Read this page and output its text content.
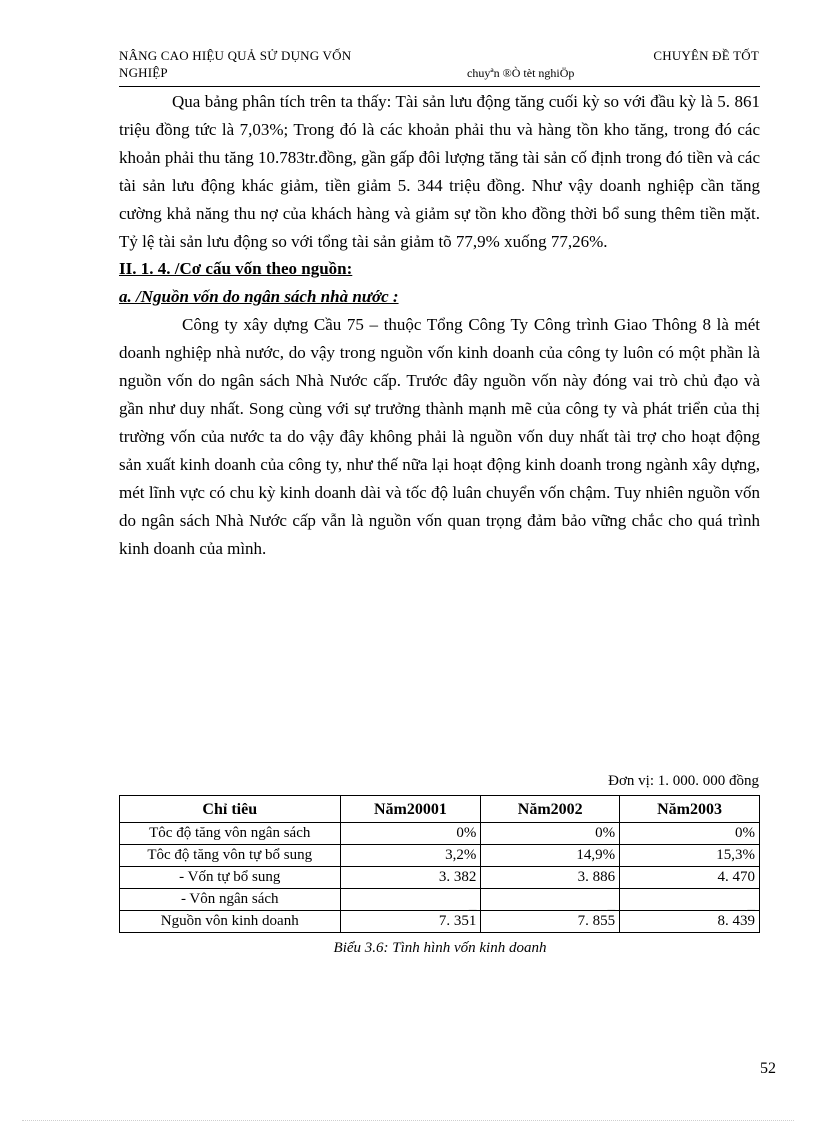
NÂNG CAO HIỆU QUẢ SỬ DỤNG VỐN
NGHIỆP
CHUYÊN ĐỀ TỐT
chuyªn ®Ò tèt nghiÖp

Qua bảng phân tích trên ta thấy: Tài sản lưu động tăng cuối kỳ so với đầu kỳ là 5. 861 triệu đồng tức là 7,03%; Trong đó là các khoản phải thu và hàng tồn kho tăng, trong đó các khoản phải thu tăng 10.783tr.đồng, gần gấp đôi lượng tăng tài sản cố định trong đó tiền và các tài sản lưu động khác giảm, tiền giảm 5. 344 triệu đồng. Như vậy doanh nghiệp cần tăng cường khả năng thu nợ của khách hàng và giảm sự tồn kho đồng thời bổ sung thêm tiền mặt. Tỷ lệ tài sản lưu động so với tổng tài sản giảm tõ 77,9% xuống 77,26%.

II. 1. 4. /Cơ cấu vốn theo nguồn:

a. /Nguồn vốn do ngân sách nhà nước :

Công ty xây dựng Cầu 75 – thuộc Tổng Công Ty Công trình Giao Thông 8 là mét doanh nghiệp nhà nước, do vậy trong nguồn vốn kinh doanh của công ty luôn có một phần là nguồn vốn do ngân sách Nhà Nước cấp. Trước đây nguồn vốn này đóng vai trò chủ đạo và gần như duy nhất. Song cùng với sự trưởng thành mạnh mẽ của công ty và phát triển của thị trường vốn của nước ta do vậy đây không phải là nguồn vốn duy nhất tài trợ cho hoạt động sản xuất kinh doanh của công ty, như thế nữa lại hoạt động kinh doanh trong ngành xây dựng, mét lĩnh vực có chu kỳ kinh doanh dài và tốc độ luân chuyển vốn chậm. Tuy nhiên nguồn vốn do ngân sách Nhà Nước cấp vẫn là nguồn vốn quan trọng đảm bảo vững chắc cho quá trình kinh doanh của mình.

Đơn vị: 1. 000. 000 đồng
Chỉ tiêu	Năm20001	Năm2002	Năm2003
Tôc độ tăng vôn ngân sách	0%	0%	0%
Tôc độ tăng vôn tự bổ sung	3,2%	14,9%	15,3%
- Vốn tự bổ sung	3. 382	3. 886	4. 470
- Vôn ngân sách	_	_	_
Nguồn vôn kinh doanh	7. 351	7. 855	8. 439
Biểu 3.6: Tình hình vốn kinh doanh
52
